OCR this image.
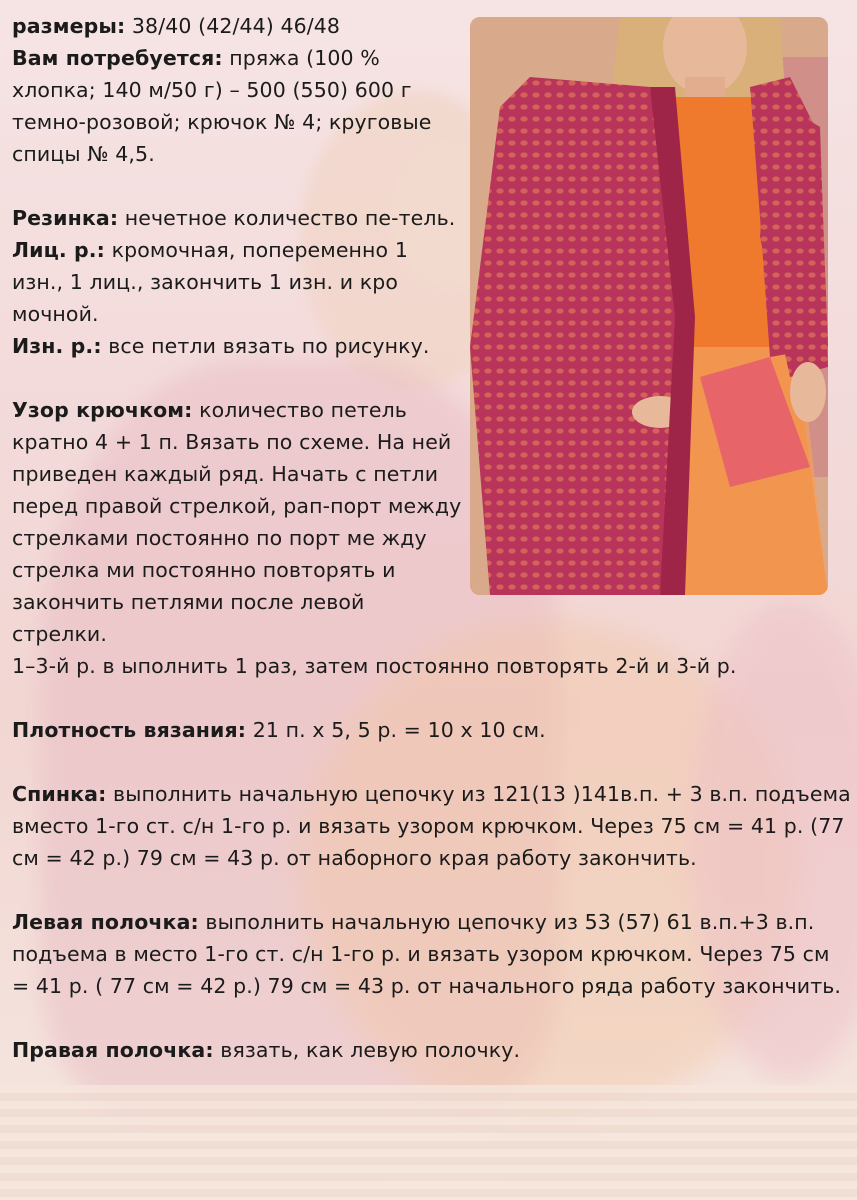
размеры: 38/40 (42/44) 46/48

Вам потребуется: пряжа (100 % хлопка; 140 м/50 г) – 500 (550) 600 г темно-розовой; крючок № 4; круговые спицы № 4,5.

Резинка: нечетное количество пе-тель. Лиц. р.: кромочная, попеременно 1 изн., 1 лиц., закончить 1 изн. и кро мочной.

Изн. р.: все петли вязать по рисунку.

Узор крючком: количество петель кратно 4 + 1 п. Вязать по схеме. На ней приведен каждый ряд. Начать с петли перед правой стрелкой, рап-порт между стрелками постоянно по порт ме жду стрелка ми постоянно повторять и закончить петлями после левой стрелки.

1–3-й р. в ыполнить 1 раз, затем постоянно повторять 2-й и 3-й р.

Плотность вязания: 21 п. х 5, 5 р. = 10 х 10 см.

Спинка: выполнить начальную цепочку из 121(13 )141в.п. + 3 в.п. подъема вместо 1-го ст. с/н 1-го р. и вязать узором крючком. Через 75 см = 41 р. (77 см = 42 р.) 79 см = 43 р. от наборного края работу закончить.

Левая полочка: выполнить начальную цепочку из 53 (57) 61 в.п.+3 в.п. подъема в место 1-го ст. с/н 1-го р. и вязать узором крючком. Через 75 см = 41 р. ( 77 см = 42 р.) 79 см = 43 р. от начального ряда работу закончить.

Правая полочка: вязать, как левую полочку.
